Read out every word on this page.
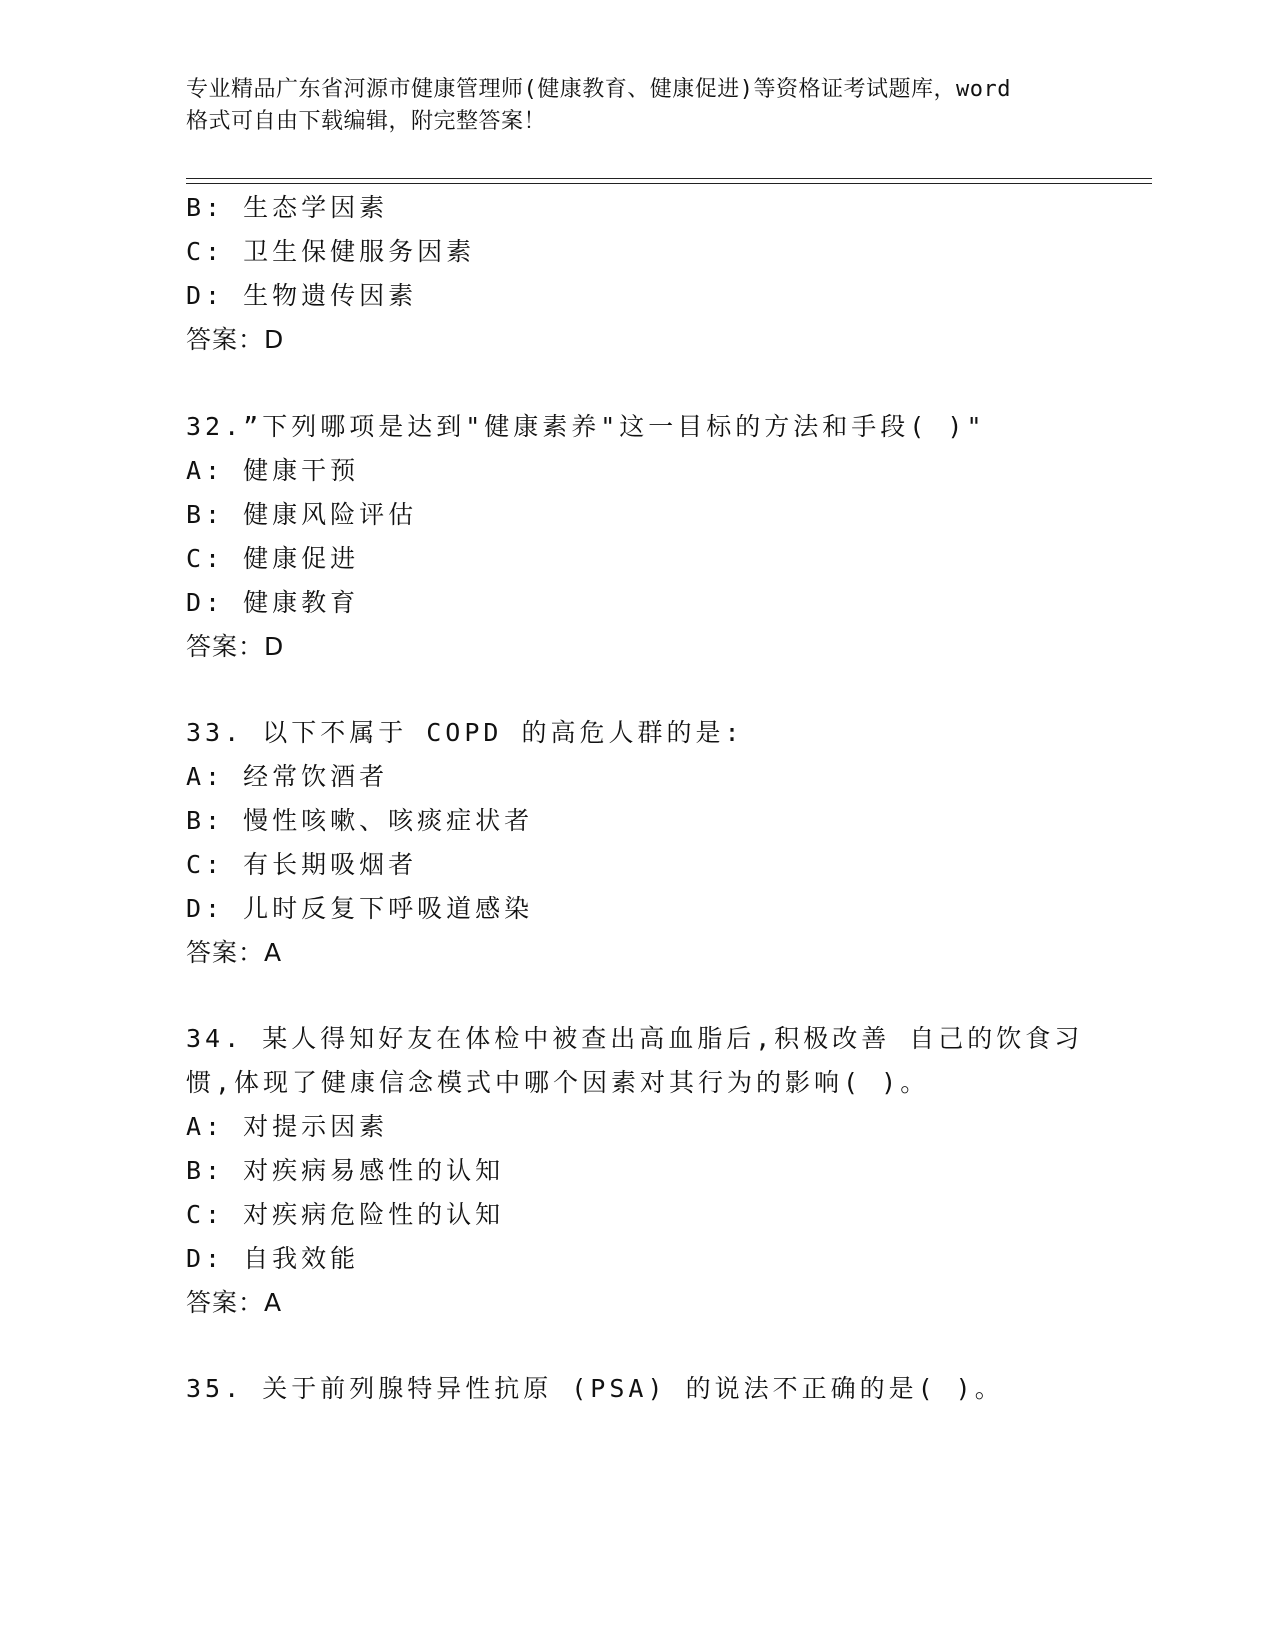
专业精品广东省河源市健康管理师(健康教育、健康促进)等资格证考试题库，word
格式可自由下载编辑，附完整答案！
B: 生态学因素
C: 卫生保健服务因素
D: 生物遗传因素
答案：D
32.”下列哪项是达到"健康素养"这一目标的方法和手段( )"
A: 健康干预
B: 健康风险评估
C: 健康促进
D: 健康教育
答案：D
33. 以下不属于 COPD 的高危人群的是:
A: 经常饮酒者
B: 慢性咳嗽、咳痰症状者
C: 有长期吸烟者
D: 儿时反复下呼吸道感染
答案：A
34. 某人得知好友在体检中被查出高血脂后,积极改善 自己的饮食习
惯,体现了健康信念模式中哪个因素对其行为的影响( )。
A: 对提示因素
B: 对疾病易感性的认知
C: 对疾病危险性的认知
D: 自我效能
答案：A
35. 关于前列腺特异性抗原 (PSA) 的说法不正确的是( )。
